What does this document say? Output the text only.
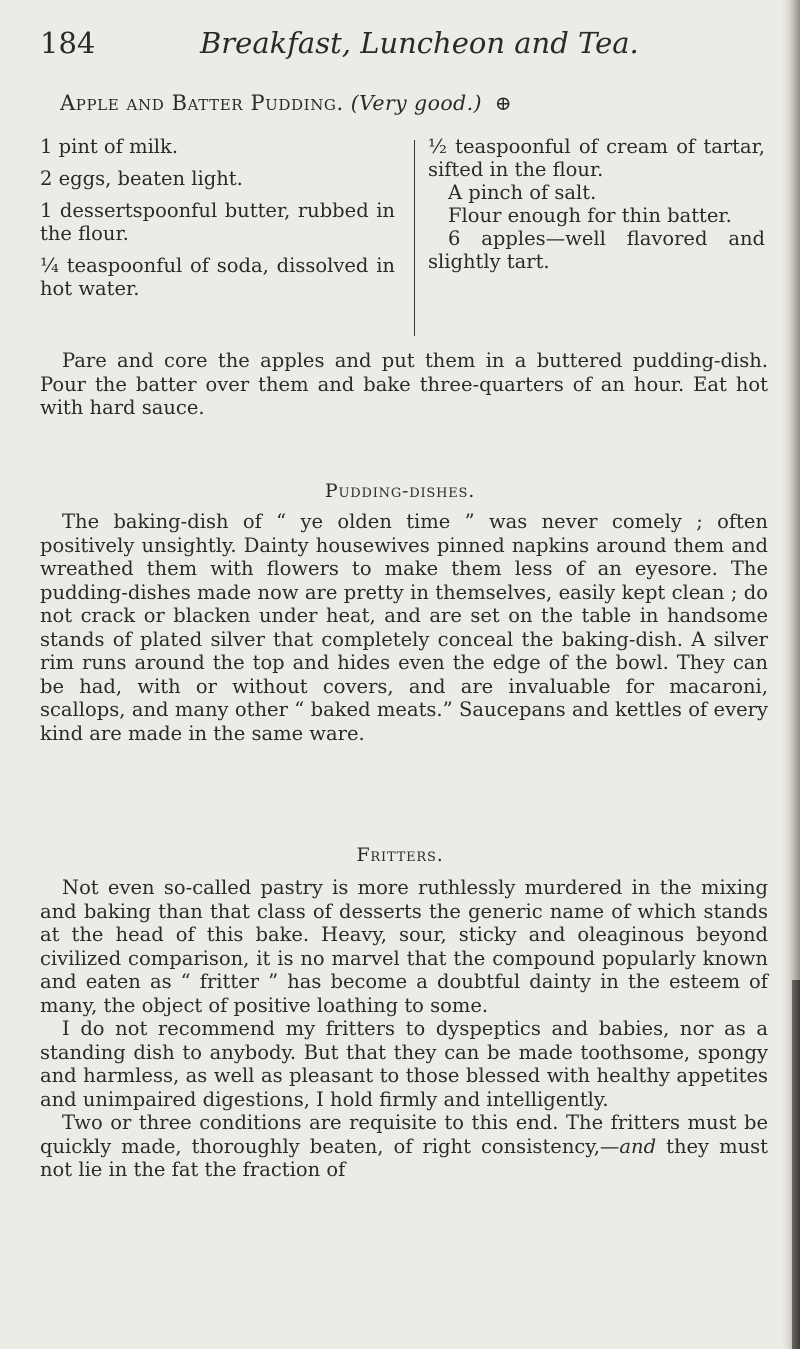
184	Breakfast, Luncheon and Tea.
Apple and Batter Pudding. (Very good.) ⊕

1 pint of milk.

2 eggs, beaten light.

1 dessertspoonful butter, rubbed in the flour.

¼ teaspoonful of soda, dissolved in hot water.

½ teaspoonful of cream of tartar, sifted in the flour.

A pinch of salt.

Flour enough for thin batter.

6 apples—well flavored and slightly tart.

Pare and core the apples and put them in a buttered pudding-dish. Pour the batter over them and bake three-quarters of an hour. Eat hot with hard sauce.

Pudding-dishes.

The baking-dish of “ ye olden time ” was never comely ; often positively unsightly. Dainty housewives pinned napkins around them and wreathed them with flowers to make them less of an eyesore. The pudding-dishes made now are pretty in themselves, easily kept clean ; do not crack or blacken under heat, and are set on the table in handsome stands of plated silver that completely conceal the baking-dish. A silver rim runs around the top and hides even the edge of the bowl. They can be had, with or without covers, and are invaluable for macaroni, scallops, and many other “ baked meats.” Saucepans and kettles of every kind are made in the same ware.

Fritters.

Not even so-called pastry is more ruthlessly murdered in the mixing and baking than that class of desserts the generic name of which stands at the head of this bake. Heavy, sour, sticky and oleaginous beyond civilized comparison, it is no marvel that the compound popularly known and eaten as “ fritter ” has become a doubtful dainty in the esteem of many, the object of positive loathing to some.

I do not recommend my fritters to dyspeptics and babies, nor as a standing dish to anybody. But that they can be made toothsome, spongy and harmless, as well as pleasant to those blessed with healthy appetites and unimpaired digestions, I hold firmly and intelligently.

Two or three conditions are requisite to this end. The fritters must be quickly made, thoroughly beaten, of right consistency,—and they must not lie in the fat the fraction of
